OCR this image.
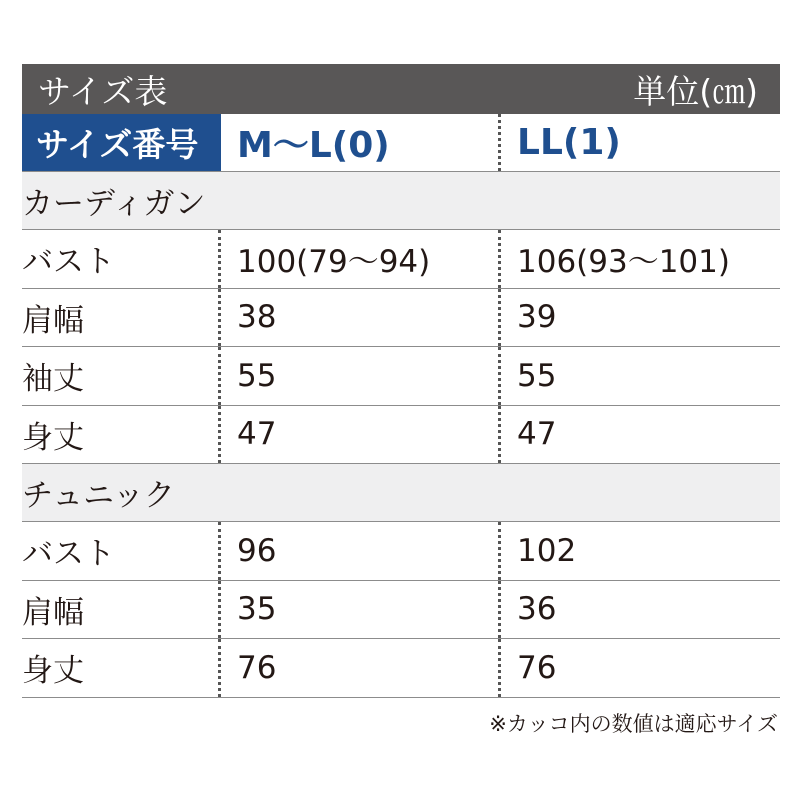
サイズ表	単位(㎝)
サイズ番号	M〜L(0)	LL(1)
カーディガン
バスト	100(79〜94)	106(93〜101)
肩幅	38	39
袖丈	55	55
身丈	47	47
チュニック
バスト	96	102
肩幅	35	36
身丈	76	76
※カッコ内の数値は適応サイズ
